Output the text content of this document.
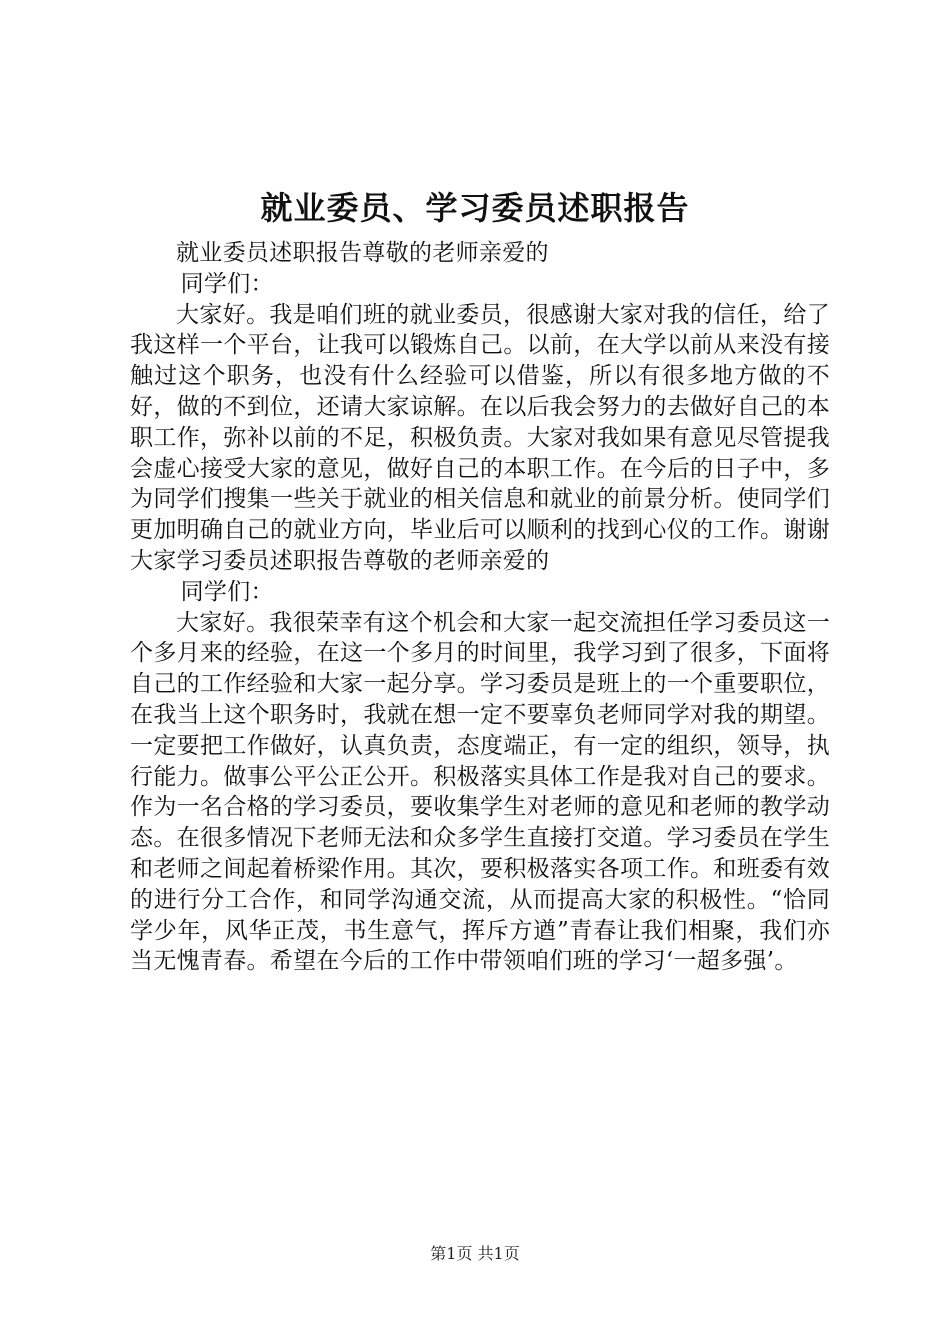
就业委员、学习委员述职报告

就业委员述职报告尊敬的老师亲爱的

同学们：

大家好。我是咱们班的就业委员，很感谢大家对我的信任，给了我这样一个平台，让我可以锻炼自己。以前，在大学以前从来没有接触过这个职务，也没有什么经验可以借鉴，所以有很多地方做的不好，做的不到位，还请大家谅解。在以后我会努力的去做好自己的本职工作，弥补以前的不足，积极负责。大家对我如果有意见尽管提我会虚心接受大家的意见，做好自己的本职工作。在今后的日子中，多为同学们搜集一些关于就业的相关信息和就业的前景分析。使同学们更加明确自己的就业方向，毕业后可以顺利的找到心仪的工作。谢谢大家学习委员述职报告尊敬的老师亲爱的

同学们：

大家好。我很荣幸有这个机会和大家一起交流担任学习委员这一个多月来的经验，在这一个多月的时间里，我学习到了很多，下面将自己的工作经验和大家一起分享。学习委员是班上的一个重要职位，在我当上这个职务时，我就在想一定不要辜负老师同学对我的期望。一定要把工作做好，认真负责，态度端正，有一定的组织，领导，执行能力。做事公平公正公开。积极落实具体工作是我对自己的要求。作为一名合格的学习委员，要收集学生对老师的意见和老师的教学动态。在很多情况下老师无法和众多学生直接打交道。学习委员在学生和老师之间起着桥梁作用。其次，要积极落实各项工作。和班委有效的进行分工合作，和同学沟通交流，从而提高大家的积极性。“恰同学少年，风华正茂，书生意气，挥斥方遒”青春让我们相聚，我们亦当无愧青春。希望在今后的工作中带领咱们班的学习‘一超多强’。

第1页 共1页
